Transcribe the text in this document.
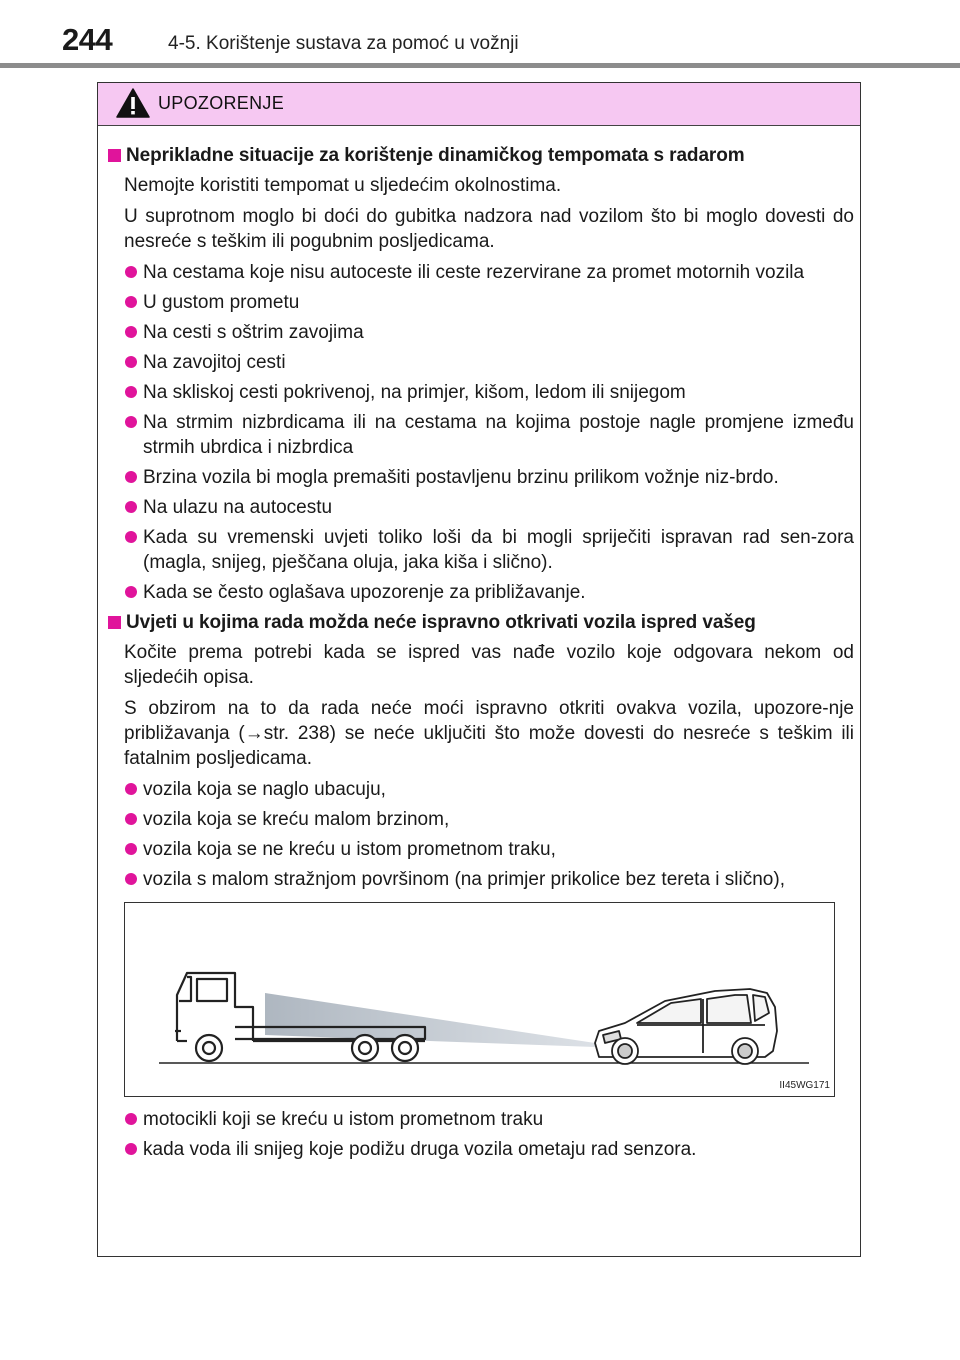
244	4-5. Korištenje sustava za pomoć u vožnji
UPOZORENJE
Neprikladne situacije za korištenje dinamičkog tempomata s radarom
Nemojte koristiti tempomat u sljedećim okolnostima.
U suprotnom moglo bi doći do gubitka nadzora nad vozilom što bi moglo dovesti do nesreće s teškim ili pogubnim posljedicama.
Na cestama koje nisu autoceste ili ceste rezervirane za promet motornih vozila
U gustom prometu
Na cesti s oštrim zavojima
Na zavojitoj cesti
Na skliskoj cesti pokrivenoj, na primjer, kišom, ledom ili snijegom
Na strmim nizbrdicama ili na cestama na kojima postoje nagle promjene između strmih ubrdica i nizbrdica
Brzina vozila bi mogla premašiti postavljenu brzinu prilikom vožnje niz-brdo.
Na ulazu na autocestu
Kada su vremenski uvjeti toliko loši da bi mogli spriječiti ispravan rad sen-zora (magla, snijeg, pješčana oluja, jaka kiša i slično).
Kada se često oglašava upozorenje za približavanje.
Uvjeti u kojima rada možda neće ispravno otkrivati vozila ispred vašeg
Kočite prema potrebi kada se ispred vas nađe vozilo koje odgovara nekom od sljedećih opisa.
S obzirom na to da rada neće moći ispravno otkriti ovakva vozila, upozore-nje približavanja (→str. 238) se neće uključiti što može dovesti do nesreće s teškim ili fatalnim posljedicama.
vozila koja se naglo ubacuju,
vozila koja se kreću malom brzinom,
vozila koja se ne kreću u istom prometnom traku,
vozila s malom stražnjom površinom (na primjer prikolice bez tereta i slično),
II45WG171
motocikli koji se kreću u istom prometnom traku
kada voda ili snijeg koje podižu druga vozila ometaju rad senzora.
